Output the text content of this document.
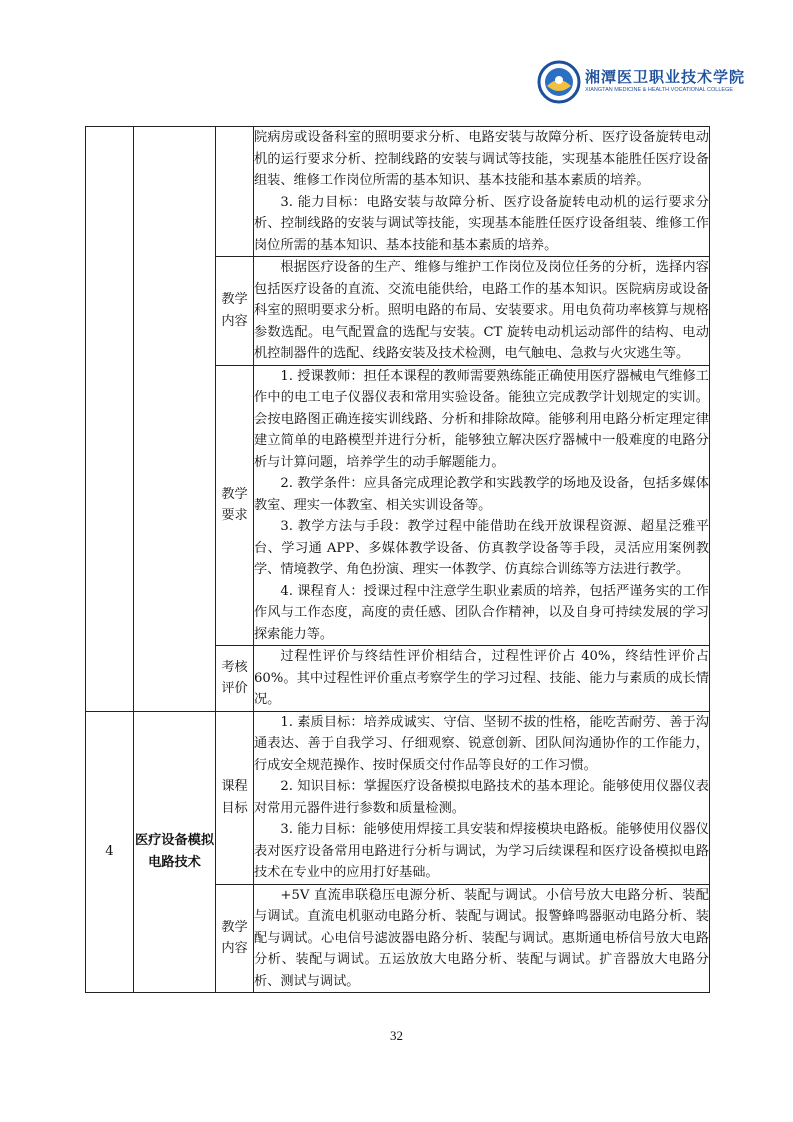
湘潭医卫职业技术学院
XIANGTAN MEDICINE & HEALTH VOCATIONAL COLLEGE

			院病房或设备科室的照明要求分析、电路安装与故障分析、医疗设备旋转电动机的运行要求分析、控制线路的安装与调试等技能，实现基本能胜任医疗设备组装、维修工作岗位所需的基本知识、基本技能和基本素质的培养。

3. 能力目标：电路安装与故障分析、医疗设备旋转电动机的运行要求分析、控制线路的安装与调试等技能，实现基本能胜任医疗设备组装、维修工作岗位所需的基本知识、基本技能和基本素质的培养。

		教学内容	根据医疗设备的生产、维修与维护工作岗位及岗位任务的分析，选择内容包括医疗设备的直流、交流电能供给，电路工作的基本知识。医院病房或设备科室的照明要求分析。照明电路的布局、安装要求。用电负荷功率核算与规格参数选配。电气配置盒的选配与安装。CT 旋转电动机运动部件的结构、电动机控制器件的选配、线路安装及技术检测，电气触电、急救与火灾逃生等。

		教学要求	1. 授课教师：担任本课程的教师需要熟练能正确使用医疗器械电气维修工作中的电工电子仪器仪表和常用实验设备。能独立完成教学计划规定的实训。会按电路图正确连接实训线路、分析和排除故障。能够利用电路分析定理定律建立简单的电路模型并进行分析，能够独立解决医疗器械中一般难度的电路分析与计算问题，培养学生的动手解题能力。

2. 教学条件：应具备完成理论教学和实践教学的场地及设备，包括多媒体教室、理实一体教室、相关实训设备等。

3. 教学方法与手段：教学过程中能借助在线开放课程资源、超星泛雅平台、学习通 APP、多媒体教学设备、仿真教学设备等手段，灵活应用案例教学、情境教学、角色扮演、理实一体教学、仿真综合训练等方法进行教学。

4. 课程育人：授课过程中注意学生职业素质的培养，包括严谨务实的工作作风与工作态度，高度的责任感、团队合作精神，以及自身可持续发展的学习探索能力等。

		考核评价	过程性评价与终结性评价相结合，过程性评价占 40%，终结性评价占 60%。其中过程性评价重点考察学生的学习过程、技能、能力与素质的成长情况。

4	医疗设备模拟电路技术	课程目标	1. 素质目标：培养成诚实、守信、坚韧不拔的性格，能吃苦耐劳、善于沟通表达、善于自我学习、仔细观察、锐意创新、团队间沟通协作的工作能力，行成安全规范操作、按时保质交付作品等良好的工作习惯。

2. 知识目标：掌握医疗设备模拟电路技术的基本理论。能够使用仪器仪表对常用元器件进行参数和质量检测。

3. 能力目标：能够使用焊接工具安装和焊接模块电路板。能够使用仪器仪表对医疗设备常用电路进行分析与调试，为学习后续课程和医疗设备模拟电路技术在专业中的应用打好基础。

		教学内容	+5V 直流串联稳压电源分析、装配与调试。小信号放大电路分析、装配与调试。直流电机驱动电路分析、装配与调试。报警蜂鸣器驱动电路分析、装配与调试。心电信号滤波器电路分析、装配与调试。惠斯通电桥信号放大电路分析、装配与调试。五运放放大电路分析、装配与调试。扩音器放大电路分析、测试与调试。

32
